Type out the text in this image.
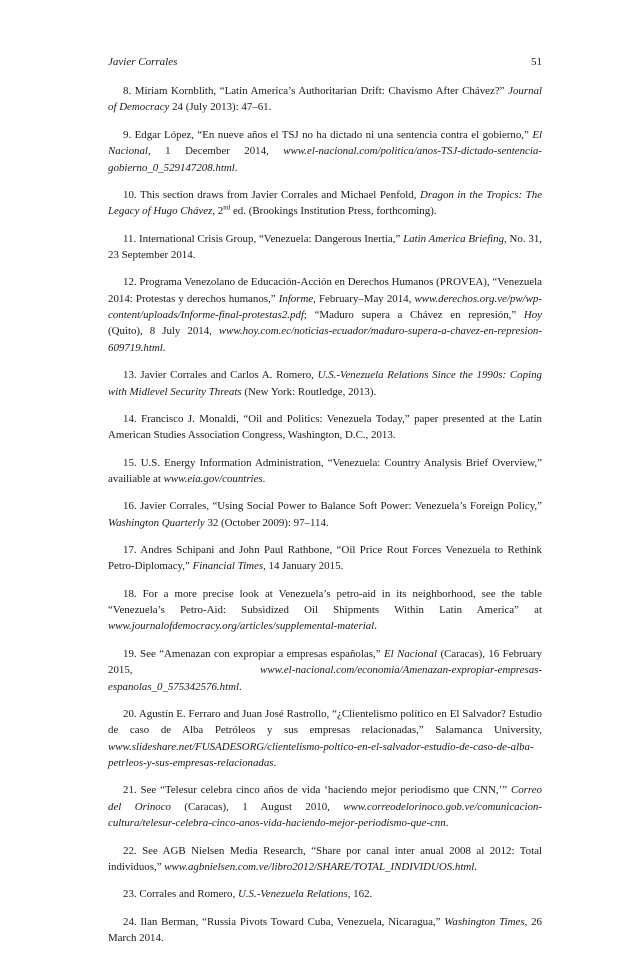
Javier Corrales	51

8. Miriam Kornblith, “Latin America’s Authoritarian Drift: Chavismo After Chávez?” Journal of Democracy 24 (July 2013): 47–61.

9. Edgar López, “En nueve años el TSJ no ha dictado ni una sentencia contra el gobierno,” El Nacional, 1 December 2014, www.el-nacional.com/politica/anos-TSJ-dictado-sentencia-gobierno_0_529147208.html.

10. This section draws from Javier Corrales and Michael Penfold, Dragon in the Tropics: The Legacy of Hugo Chávez, 2nd ed. (Brookings Institution Press, forthcoming).

11. International Crisis Group, “Venezuela: Dangerous Inertia,” Latin America Briefing, No. 31, 23 September 2014.

12. Programa Venezolano de Educación-Acción en Derechos Humanos (PROVEA), “Venezuela 2014: Protestas y derechos humanos,” Informe, February–May 2014, www.derechos.org.ve/pw/wp-content/uploads/Informe-final-protestas2.pdf; “Maduro supera a Chávez en represión,” Hoy (Quito), 8 July 2014, www.hoy.com.ec/noticias-ecuador/maduro-supera-a-chavez-en-represion-609719.html.

13. Javier Corrales and Carlos A. Romero, U.S.-Venezuela Relations Since the 1990s: Coping with Midlevel Security Threats (New York: Routledge, 2013).

14. Francisco J. Monaldi, “Oil and Politics: Venezuela Today,” paper presented at the Latin American Studies Association Congress, Washington, D.C., 2013.

15. U.S. Energy Information Administration, “Venezuela: Country Analysis Brief Overview,” availiable at www.eia.gov/countries.

16. Javier Corrales, “Using Social Power to Balance Soft Power: Venezuela’s Foreign Policy,” Washington Quarterly 32 (October 2009): 97–114.

17. Andres Schipani and John Paul Rathbone, “Oil Price Rout Forces Venezuela to Rethink Petro-Diplomacy,” Financial Times, 14 January 2015.

18. For a more precise look at Venezuela’s petro-aid in its neighborhood, see the table “Venezuela’s Petro-Aid: Subsidized Oil Shipments Within Latin America” at www.journalofdemocracy.org/articles/supplemental-material.

19. See “Amenazan con expropiar a empresas españolas,” El Nacional (Caracas), 16 February 2015, www.el-nacional.com/economia/Amenazan-expropiar-empresas-espanolas_0_575342576.html.

20. Agustín E. Ferraro and Juan José Rastrollo, “¿Clientelismo político en El Salvador? Estudio de caso de Alba Petróleos y sus empresas relacionadas,” Salamanca University, www.slideshare.net/FUSADESORG/clientelismo-poltico-en-el-salvador-estudio-de-caso-de-alba-petrleos-y-sus-empresas-relacionadas.

21. See “Telesur celebra cinco años de vida ‘haciendo mejor periodismo que CNN,’” Correo del Orinoco (Caracas), 1 August 2010, www.correodelorinoco.gob.ve/comunicacion-cultura/telesur-celebra-cinco-anos-vida-haciendo-mejor-periodismo-que-cnn.

22. See AGB Nielsen Media Research, “Share por canal inter anual 2008 al 2012: Total individuos,” www.agbnielsen.com.ve/libro2012/SHARE/TOTAL_INDIVIDUOS.html.

23. Corrales and Romero, U.S.-Venezuela Relations, 162.

24. Ilan Berman, “Russia Pivots Toward Cuba, Venezuela, Nicaragua,” Washington Times, 26 March 2014.
